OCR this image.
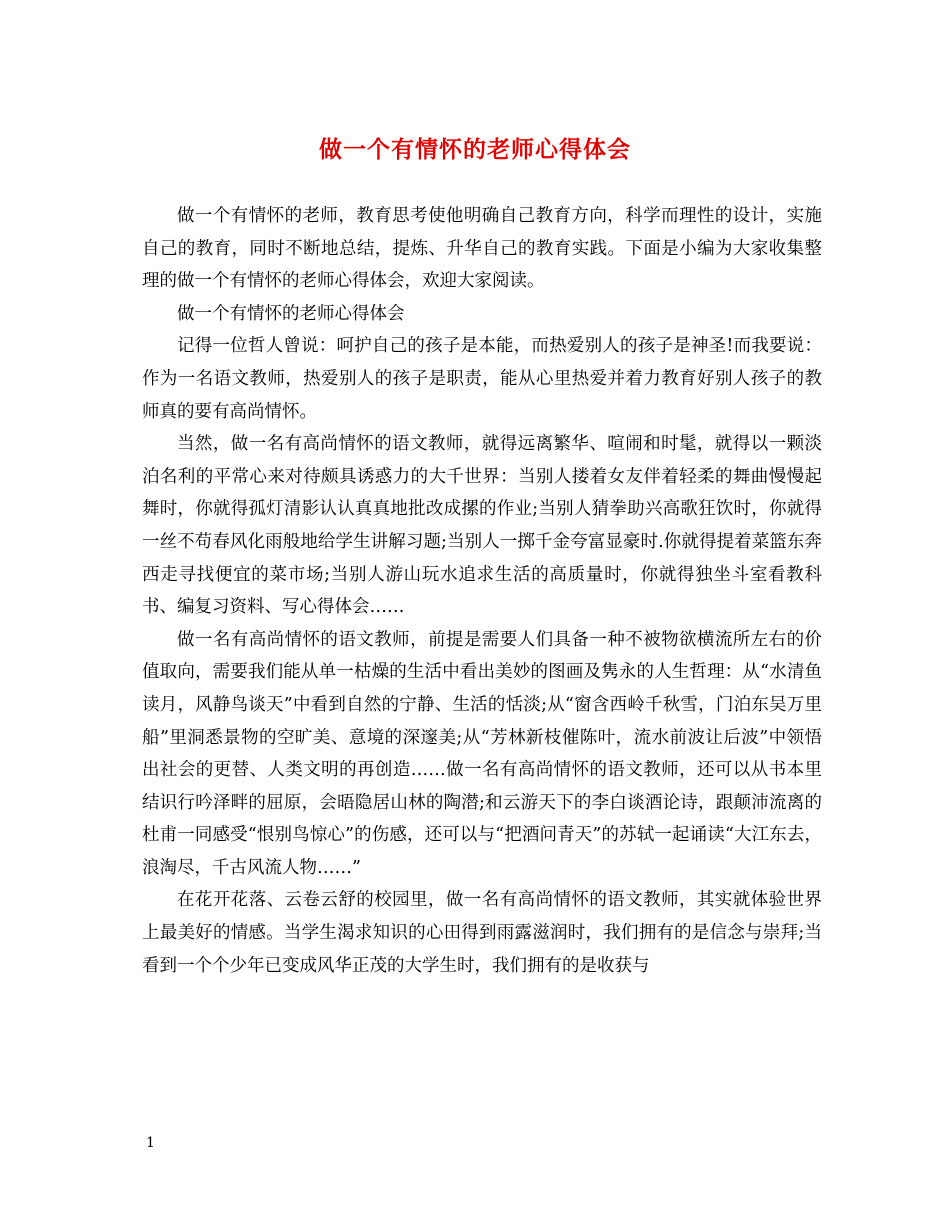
做一个有情怀的老师心得体会

做一个有情怀的老师，教育思考使他明确自己教育方向，科学而理性的设计，实施自己的教育，同时不断地总结，提炼、升华自己的教育实践。下面是小编为大家收集整理的做一个有情怀的老师心得体会，欢迎大家阅读。

做一个有情怀的老师心得体会

记得一位哲人曾说：呵护自己的孩子是本能，而热爱别人的孩子是神圣!而我要说：作为一名语文教师，热爱别人的孩子是职责，能从心里热爱并着力教育好别人孩子的教师真的要有高尚情怀。

当然，做一名有高尚情怀的语文教师，就得远离繁华、喧闹和时髦，就得以一颗淡泊名利的平常心来对待颇具诱惑力的大千世界：当别人搂着女友伴着轻柔的舞曲慢慢起舞时，你就得孤灯清影认认真真地批改成摞的作业;当别人猜拳助兴高歌狂饮时，你就得一丝不苟春风化雨般地给学生讲解习题;当别人一掷千金夸富显豪时.你就得提着菜篮东奔西走寻找便宜的菜市场;当别人游山玩水追求生活的高质量时，你就得独坐斗室看教科书、编复习资料、写心得体会……

做一名有高尚情怀的语文教师，前提是需要人们具备一种不被物欲横流所左右的价值取向，需要我们能从单一枯燥的生活中看出美妙的图画及隽永的人生哲理：从“水清鱼读月，风静鸟谈天”中看到自然的宁静、生活的恬淡;从“窗含西岭千秋雪，门泊东吴万里船”里洞悉景物的空旷美、意境的深邃美;从“芳林新枝催陈叶，流水前波让后波”中领悟出社会的更替、人类文明的再创造……做一名有高尚情怀的语文教师，还可以从书本里结识行吟泽畔的屈原，会晤隐居山林的陶潜;和云游天下的李白谈酒论诗，跟颠沛流离的杜甫一同感受“恨别鸟惊心”的伤感，还可以与“把酒问青天”的苏轼一起诵读“大江东去，浪淘尽，千古风流人物……”

在花开花落、云卷云舒的校园里，做一名有高尚情怀的语文教师，其实就体验世界上最美好的情感。当学生渴求知识的心田得到雨露滋润时，我们拥有的是信念与崇拜;当看到一个个少年已变成风华正茂的大学生时，我们拥有的是收获与

1
